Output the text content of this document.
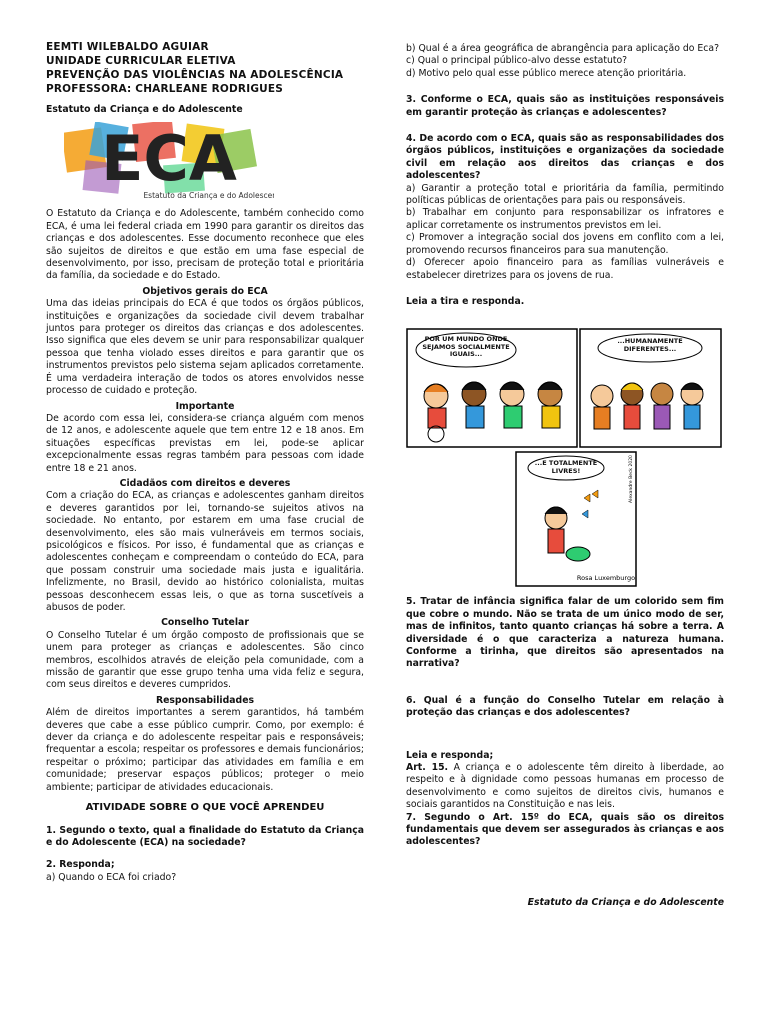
EEMTI WILEBALDO AGUIAR
UNIDADE CURRICULAR ELETIVA
PREVENÇÃO DAS VIOLÊNCIAS NA ADOLESCÊNCIA
PROFESSORA: CHARLEANE RODRIGUES
Estatuto da Criança e do Adolescente
ECA
Estatuto da Criança e do Adolescente

O Estatuto da Criança e do Adolescente, também conhecido como ECA, é uma lei federal criada em 1990 para garantir os direitos das crianças e dos adolescentes. Esse documento reconhece que eles são sujeitos de direitos e que estão em uma fase especial de desenvolvimento, por isso, precisam de proteção total e prioritária da família, da sociedade e do Estado.

Objetivos gerais do ECA

Uma das ideias principais do ECA é que todos os órgãos públicos, instituições e organizações da sociedade civil devem trabalhar juntos para proteger os direitos das crianças e dos adolescentes. Isso significa que eles devem se unir para responsabilizar qualquer pessoa que tenha violado esses direitos e para garantir que os instrumentos previstos pelo sistema sejam aplicados corretamente. É uma verdadeira interação de todos os atores envolvidos nesse processo de cuidado e proteção.

Importante

De acordo com essa lei, considera-se criança alguém com menos de 12 anos, e adolescente aquele que tem entre 12 e 18 anos. Em situações específicas previstas em lei, pode-se aplicar excepcionalmente essas regras também para pessoas com idade entre 18 e 21 anos.

Cidadãos com direitos e deveres

Com a criação do ECA, as crianças e adolescentes ganham direitos e deveres garantidos por lei, tornando-se sujeitos ativos na sociedade. No entanto, por estarem em uma fase crucial de desenvolvimento, eles são mais vulneráveis em termos sociais, psicológicos e físicos. Por isso, é fundamental que as crianças e adolescentes conheçam e compreendam o conteúdo do ECA, para que possam construir uma sociedade mais justa e igualitária. Infelizmente, no Brasil, devido ao histórico colonialista, muitas pessoas desconhecem essas leis, o que as torna suscetíveis a abusos de poder.

Conselho Tutelar

O Conselho Tutelar é um órgão composto de profissionais que se unem para proteger as crianças e adolescentes. São cinco membros, escolhidos através de eleição pela comunidade, com a missão de garantir que esse grupo tenha uma vida feliz e segura, com seus direitos e deveres cumpridos.

Responsabilidades

Além de direitos importantes a serem garantidos, há também deveres que cabe a esse público cumprir. Como, por exemplo: é dever da criança e do adolescente respeitar pais e responsáveis; frequentar a escola; respeitar os professores e demais funcionários; respeitar o próximo; participar das atividades em família e em comunidade; preservar espaços públicos; proteger o meio ambiente; participar de atividades educacionais.

ATIVIDADE SOBRE O QUE VOCÊ APRENDEU
1. Segundo o texto, qual a finalidade do Estatuto da Criança e do Adolescente (ECA) na sociedade?
2. Responda;
a) Quando o ECA foi criado?
b) Qual é a área geográfica de abrangência para aplicação do Eca?
c) Qual o principal público-alvo desse estatuto?
d) Motivo pelo qual esse público merece atenção prioritária.
3. Conforme o ECA, quais são as instituições responsáveis em garantir proteção às crianças e adolescentes?
4. De acordo com o ECA, quais são as responsabilidades dos órgãos públicos, instituições e organizações da sociedade civil em relação aos direitos das crianças e dos adolescentes?

a) Garantir a proteção total e prioritária da família, permitindo políticas públicas de orientações para pais ou responsáveis.

b) Trabalhar em conjunto para responsabilizar os infratores e aplicar corretamente os instrumentos previstos em lei.

c) Promover a integração social dos jovens em conflito com a lei, promovendo recursos financeiros para sua manutenção.

d) Oferecer apoio financeiro para as famílias vulneráveis e estabelecer diretrizes para os jovens de rua.

Leia a tira e responda.
POR UM MUNDO ONDE SEJAMOS SOCIALMENTE IGUAIS...
...HUMANAMENTE DIFERENTES...
...E TOTALMENTE LIVRES!
Rosa Luxemburgo
Alexandre Beck 2020
5. Tratar de infância significa falar de um colorido sem fim que cobre o mundo. Não se trata de um único modo de ser, mas de infinitos, tanto quanto crianças há sobre a terra. A diversidade é o que caracteriza a natureza humana. Conforme a tirinha, que direitos são apresentados na narrativa?
6. Qual é a função do Conselho Tutelar em relação à proteção das crianças e dos adolescentes?
Leia e responda;

Art. 15. A criança e o adolescente têm direito à liberdade, ao respeito e à dignidade como pessoas humanas em processo de desenvolvimento e como sujeitos de direitos civis, humanos e sociais garantidos na Constituição e nas leis.

7. Segundo o Art. 15º do ECA, quais são os direitos fundamentais que devem ser assegurados às crianças e aos adolescentes?
Estatuto da Criança e do Adolescente
